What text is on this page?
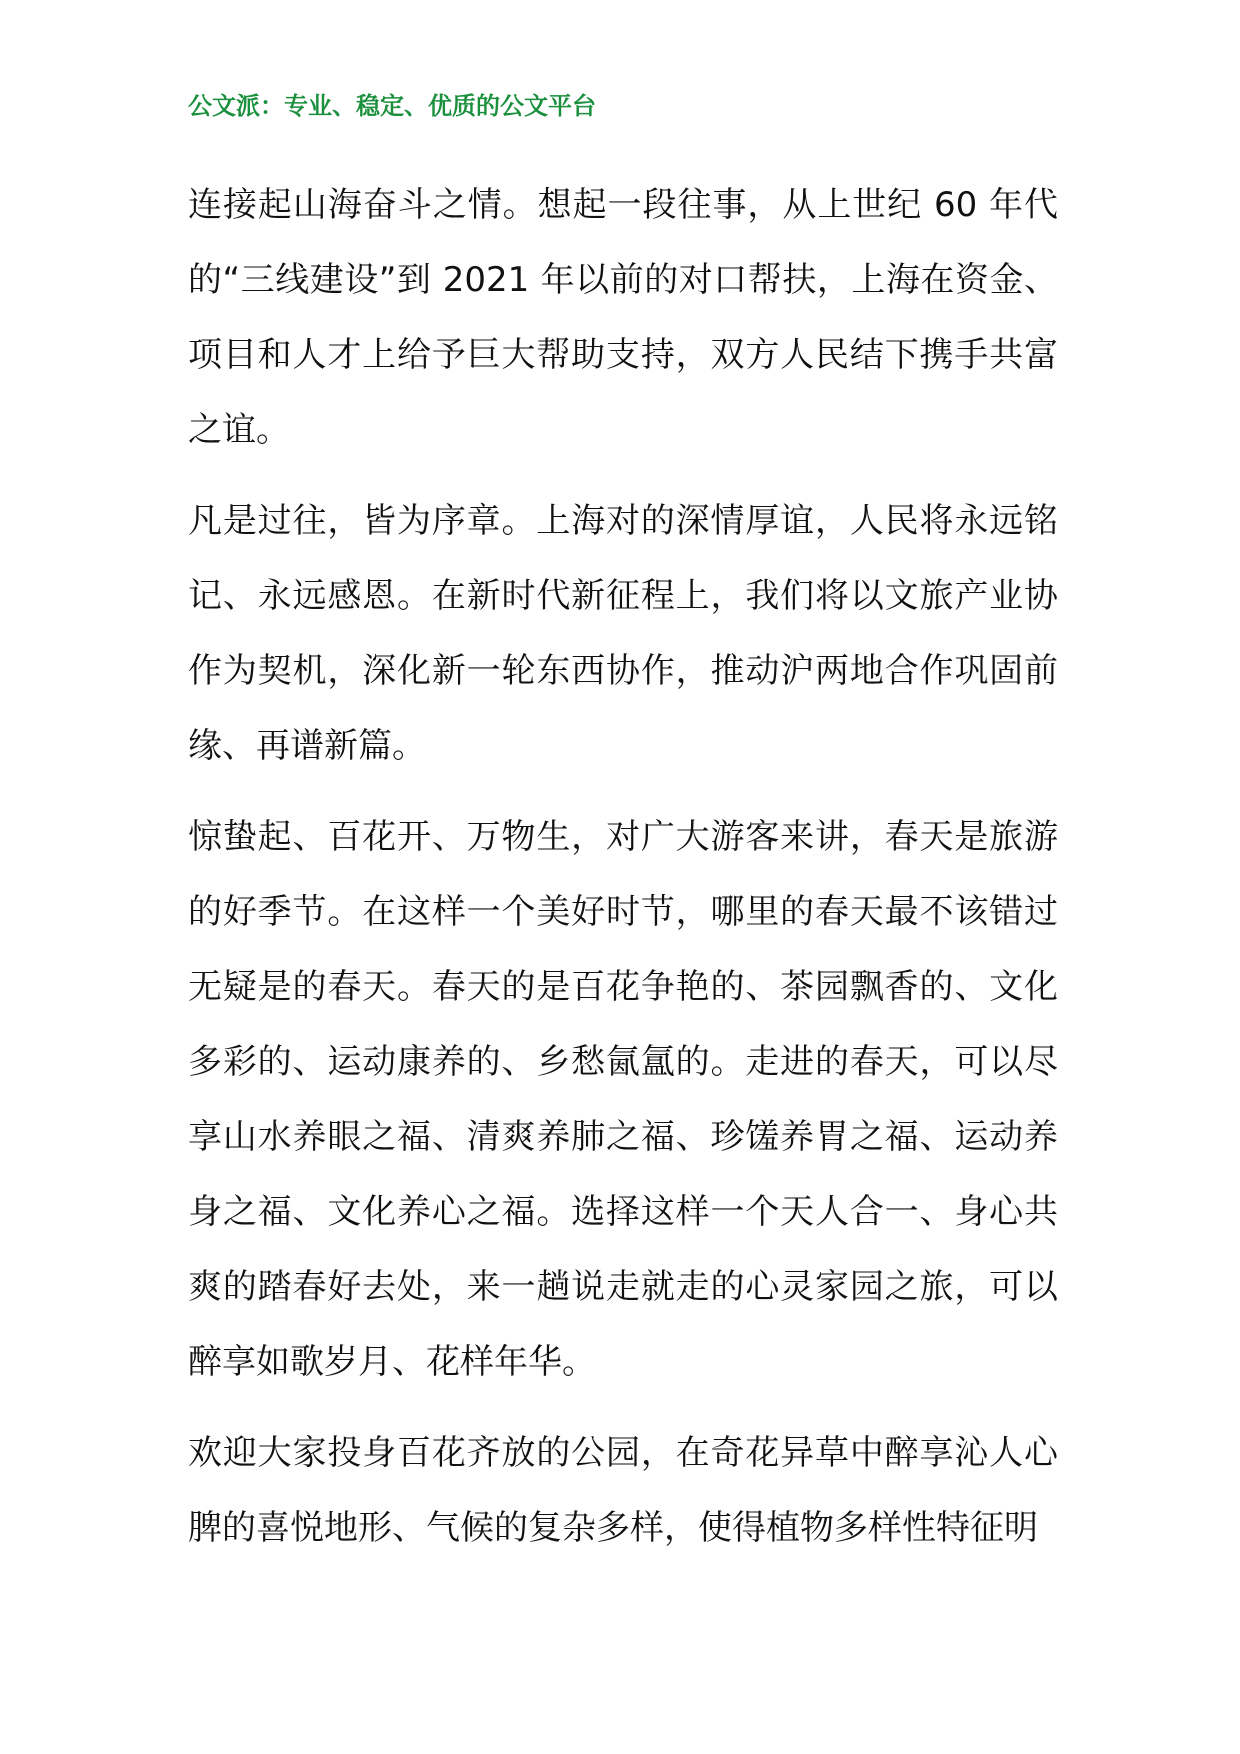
公文派：专业、稳定、优质的公文平台

连接起山海奋斗之情。想起一段往事，从上世纪 60 年代的“三线建设”到 2021 年以前的对口帮扶，上海在资金、项目和人才上给予巨大帮助支持，双方人民结下携手共富之谊。

凡是过往，皆为序章。上海对的深情厚谊，人民将永远铭记、永远感恩。在新时代新征程上，我们将以文旅产业协作为契机，深化新一轮东西协作，推动沪两地合作巩固前缘、再谱新篇。

惊蛰起、百花开、万物生，对广大游客来讲，春天是旅游的好季节。在这样一个美好时节，哪里的春天最不该错过无疑是的春天。春天的是百花争艳的、茶园飘香的、文化多彩的、运动康养的、乡愁氤氲的。走进的春天，可以尽享山水养眼之福、清爽养肺之福、珍馐养胃之福、运动养身之福、文化养心之福。选择这样一个天人合一、身心共爽的踏春好去处，来一趟说走就走的心灵家园之旅，可以醉享如歌岁月、花样年华。

欢迎大家投身百花齐放的公园，在奇花异草中醉享沁人心脾的喜悦地形、气候的复杂多样，使得植物多样性特征明
